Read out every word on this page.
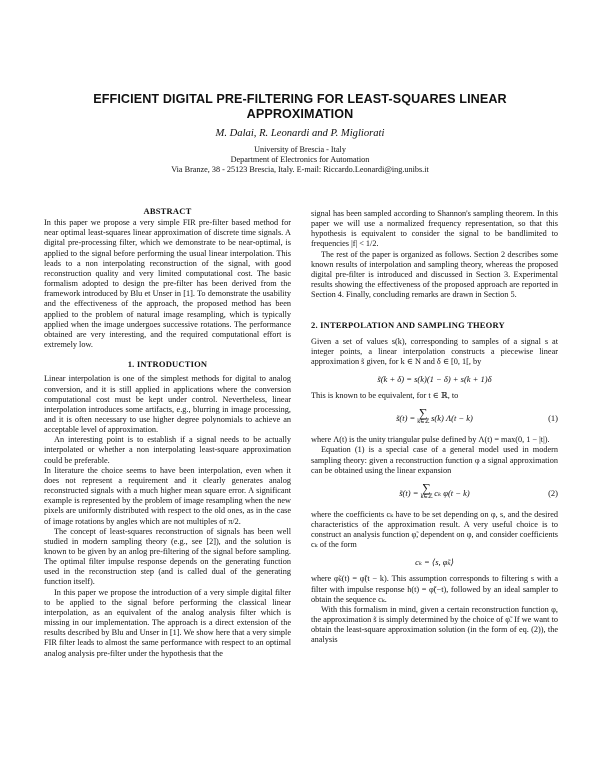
EFFICIENT DIGITAL PRE-FILTERING FOR LEAST-SQUARES LINEAR
APPROXIMATION

M. Dalai, R. Leonardi and P. Migliorati

University of Brescia - Italy
Department of Electronics for Automation
Via Branze, 38 - 25123 Brescia, Italy. E-mail: Riccardo.Leonardi@ing.unibs.it
ABSTRACT

In this paper we propose a very simple FIR pre-filter based method for near optimal least-squares linear approximation of discrete time signals. A digital pre-processing filter, which we demonstrate to be near-optimal, is applied to the signal before performing the usual linear interpolation. This leads to a non interpolating reconstruction of the signal, with good reconstruction quality and very limited computational cost. The basic formalism adopted to design the pre-filter has been derived from the framework introduced by Blu et Unser in [1]. To demonstrate the usability and the effectiveness of the approach, the proposed method has been applied to the problem of natural image resampling, which is typically applied when the image undergoes successive rotations. The performance obtained are very interesting, and the required computational effort is extremely low.

1. INTRODUCTION

Linear interpolation is one of the simplest methods for digital to analog conversion, and it is still applied in applications where the conversion computational cost must be kept under control. Nevertheless, linear interpolation introduces some artifacts, e.g., blurring in image processing, and it is often necessary to use higher degree polynomials to achieve an acceptable level of approximation.

An interesting point is to establish if a signal needs to be actually interpolated or whether a non interpolating least-square approximation could be preferable.

In literature the choice seems to have been interpolation, even when it does not represent a requirement and it clearly generates analog reconstructed signals with a much higher mean square error. A significant example is represented by the problem of image resampling when the new pixels are uniformly distributed with respect to the old ones, as in the case of image rotations by angles which are not multiples of π/2.

The concept of least-squares reconstruction of signals has been well studied in modern sampling theory (e.g., see [2]), and the solution is known to be given by an anlog pre-filtering of the signal before sampling. The optimal filter impulse response depends on the generating function used in the reconstruction step (and is called dual of the generating function itself).

In this paper we propose the introduction of a very simple digital filter to be applied to the signal before performing the classical linear interpolation, as an equivalent of the analog analysis filter which is missing in our implementation. The approach is a direct extension of the results described by Blu and Unser in [1]. We show here that a very simple FIR filter leads to almost the same performance with respect to an optimal analog analysis pre-filter under the hypothesis that the

signal has been sampled according to Shannon's sampling theorem. In this paper we will use a normalized frequency representation, so that this hypothesis is equivalent to consider the signal to be bandlimited to frequencies |f| < 1/2.

The rest of the paper is organized as follows. Section 2 describes some known results of interpolation and sampling theory, whereas the proposed digital pre-filter is introduced and discussed in Section 3. Experimental results showing the effectiveness of the proposed approach are reported in Section 4. Finally, concluding remarks are drawn in Section 5.

2. INTERPOLATION AND SAMPLING THEORY

Given a set of values s(k), corresponding to samples of a signal s at integer points, a linear interpolation constructs a piecewise linear approximation s̃ given, for k ∈ N and δ ∈ [0, 1[, by

s̃(k + δ) = s(k)(1 − δ) + s(k + 1)δ

This is known to be equivalent, for t ∈ ℝ, to

s̃(t) = ∑
k∈ℤ s(k) Λ(t − k)	(1)

where Λ(t) is the unity triangular pulse defined by Λ(t) = max(0, 1 − |t|).

Equation (1) is a special case of a general model used in modern sampling theory: given a reconstruction function φ a signal approximation can be obtained using the linear expansion

s̃(t) = ∑
k∈ℤ cₖ φ(t − k)	(2)

where the coefficients cₖ have to be set depending on φ, s, and the desired characteristics of the approximation result. A very useful choice is to construct an analysis function φ̃, dependent on φ, and consider coefficients cₖ of the form

cₖ = ⟨s, φ̃ₖ⟩

where φ̃ₖ(t) = φ̃(t − k). This assumption corresponds to filtering s with a filter with impulse response h(t) = φ̃(−t), followed by an ideal sampler to obtain the sequence cₖ.

With this formalism in mind, given a certain reconstruction function φ, the approximation s̃ is simply determined by the choice of φ̃. If we want to obtain the least-square approximation solution (in the form of eq. (2)), the analysis
